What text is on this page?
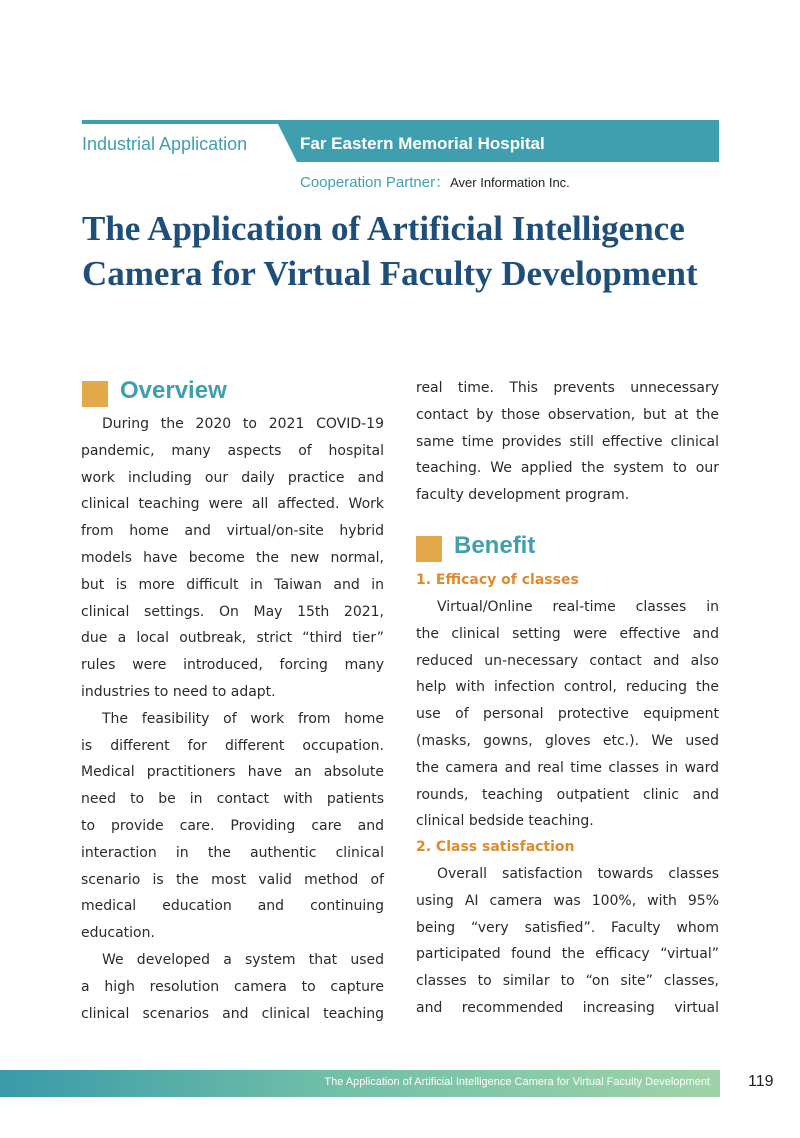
Industrial Application	Far Eastern Memorial Hospital
Cooperation Partner：Aver Information Inc.
The Application of Artificial Intelligence Camera for Virtual Faculty Development
Overview

During the 2020 to 2021 COVID-19

pandemic, many aspects of hospital

work including our daily practice and

clinical teaching were all affected. Work

from home and virtual/on-site hybrid

models have become the new normal,

but is more difficult in Taiwan and in

clinical settings. On May 15th 2021,

due a local outbreak, strict “third tier”

rules were introduced, forcing many

industries to need to adapt.

The feasibility of work from home

is different for different occupation.

Medical practitioners have an absolute

need to be in contact with patients

to provide care. Providing care and

interaction in the authentic clinical

scenario is the most valid method of

medical education and continuing

education.

We developed a system that used

a high resolution camera to capture

clinical scenarios and clinical teaching

real time. This prevents unnecessary

contact by those observation, but at the

same time provides still effective clinical

teaching. We applied the system to our

faculty development program.

Benefit
1. Efficacy of classes

Virtual/Online real-time classes in

the clinical setting were effective and

reduced un-necessary contact and also

help with infection control, reducing the

use of personal protective equipment

(masks, gowns, gloves etc.). We used

the camera and real time classes in ward

rounds, teaching outpatient clinic and

clinical bedside teaching.

2. Class satisfaction

Overall satisfaction towards classes

using AI camera was 100%, with 95%

being “very satisfied”. Faculty whom

participated found the efficacy “virtual”

classes to similar to “on site” classes,

and recommended increasing virtual

The Application of Artificial Intelligence Camera for Virtual Faculty Development 119
